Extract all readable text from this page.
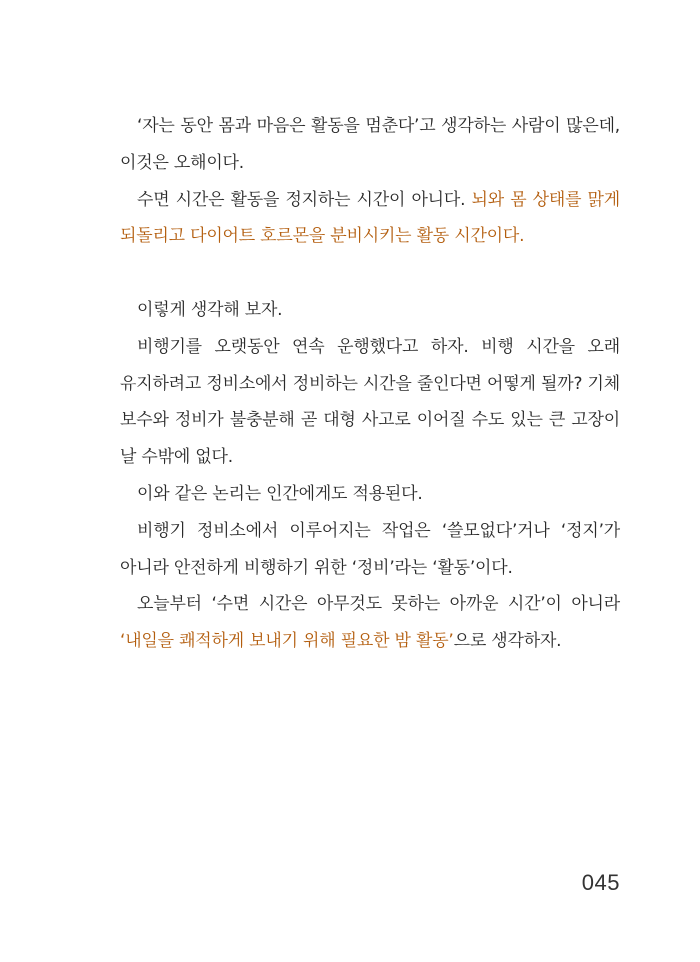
‘자는 동안 몸과 마음은 활동을 멈춘다’고 생각하는 사람이 많은데, 이것은 오해이다.

수면 시간은 활동을 정지하는 시간이 아니다. 뇌와 몸 상태를 맑게 되돌리고 다이어트 호르몬을 분비시키는 활동 시간이다.

이렇게 생각해 보자.

비행기를 오랫동안 연속 운행했다고 하자. 비행 시간을 오래 유지하려고 정비소에서 정비하는 시간을 줄인다면 어떻게 될까? 기체 보수와 정비가 불충분해 곧 대형 사고로 이어질 수도 있는 큰 고장이 날 수밖에 없다.

이와 같은 논리는 인간에게도 적용된다.

비행기 정비소에서 이루어지는 작업은 ‘쓸모없다’거나 ‘정지’가 아니라 안전하게 비행하기 위한 ‘정비’라는 ‘활동’이다.

오늘부터 ‘수면 시간은 아무것도 못하는 아까운 시간’이 아니라 ‘내일을 쾌적하게 보내기 위해 필요한 밤 활동’으로 생각하자.

045
